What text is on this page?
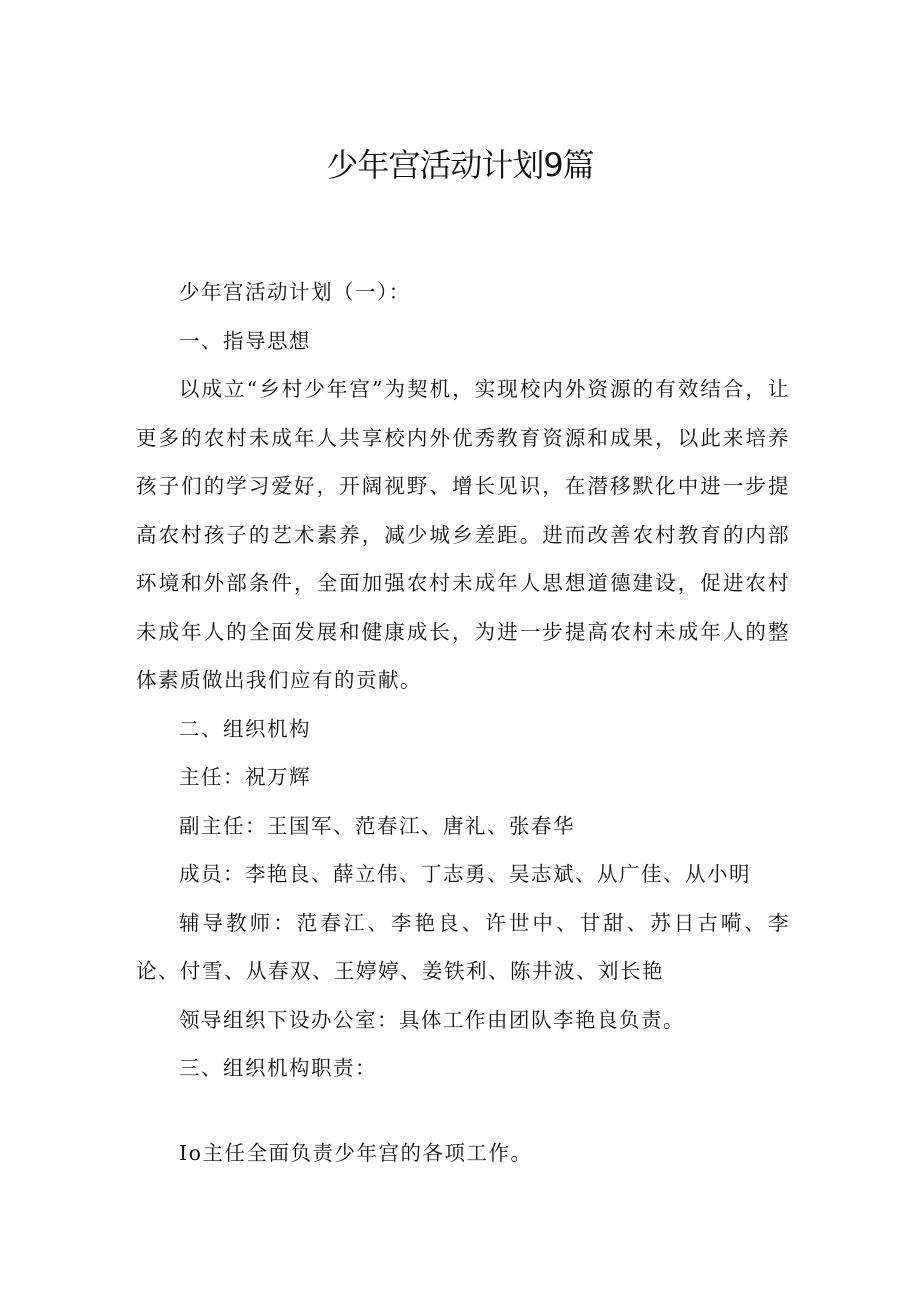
少年宫活动计划9篇

少年宫活动计划（一）：

一、指导思想

以成立“乡村少年宫”为契机，实现校内外资源的有效结合，让更多的农村未成年人共享校内外优秀教育资源和成果，以此来培养孩子们的学习爱好，开阔视野、增长见识，在潜移默化中进一步提高农村孩子的艺术素养，减少城乡差距。进而改善农村教育的内部环境和外部条件，全面加强农村未成年人思想道德建设，促进农村未成年人的全面发展和健康成长，为进一步提高农村未成年人的整体素质做出我们应有的贡献。

二、组织机构

主任：祝万辉

副主任：王国军、范春江、唐礼、张春华

成员：李艳良、薛立伟、丁志勇、吴志斌、从广佳、从小明

辅导教师：范春江、李艳良、许世中、甘甜、苏日古嗬、李论、付雪、从春双、王婷婷、姜铁利、陈井波、刘长艳

领导组织下设办公室：具体工作由团队李艳良负责。

三、组织机构职责：

Io主任全面负责少年宫的各项工作。
